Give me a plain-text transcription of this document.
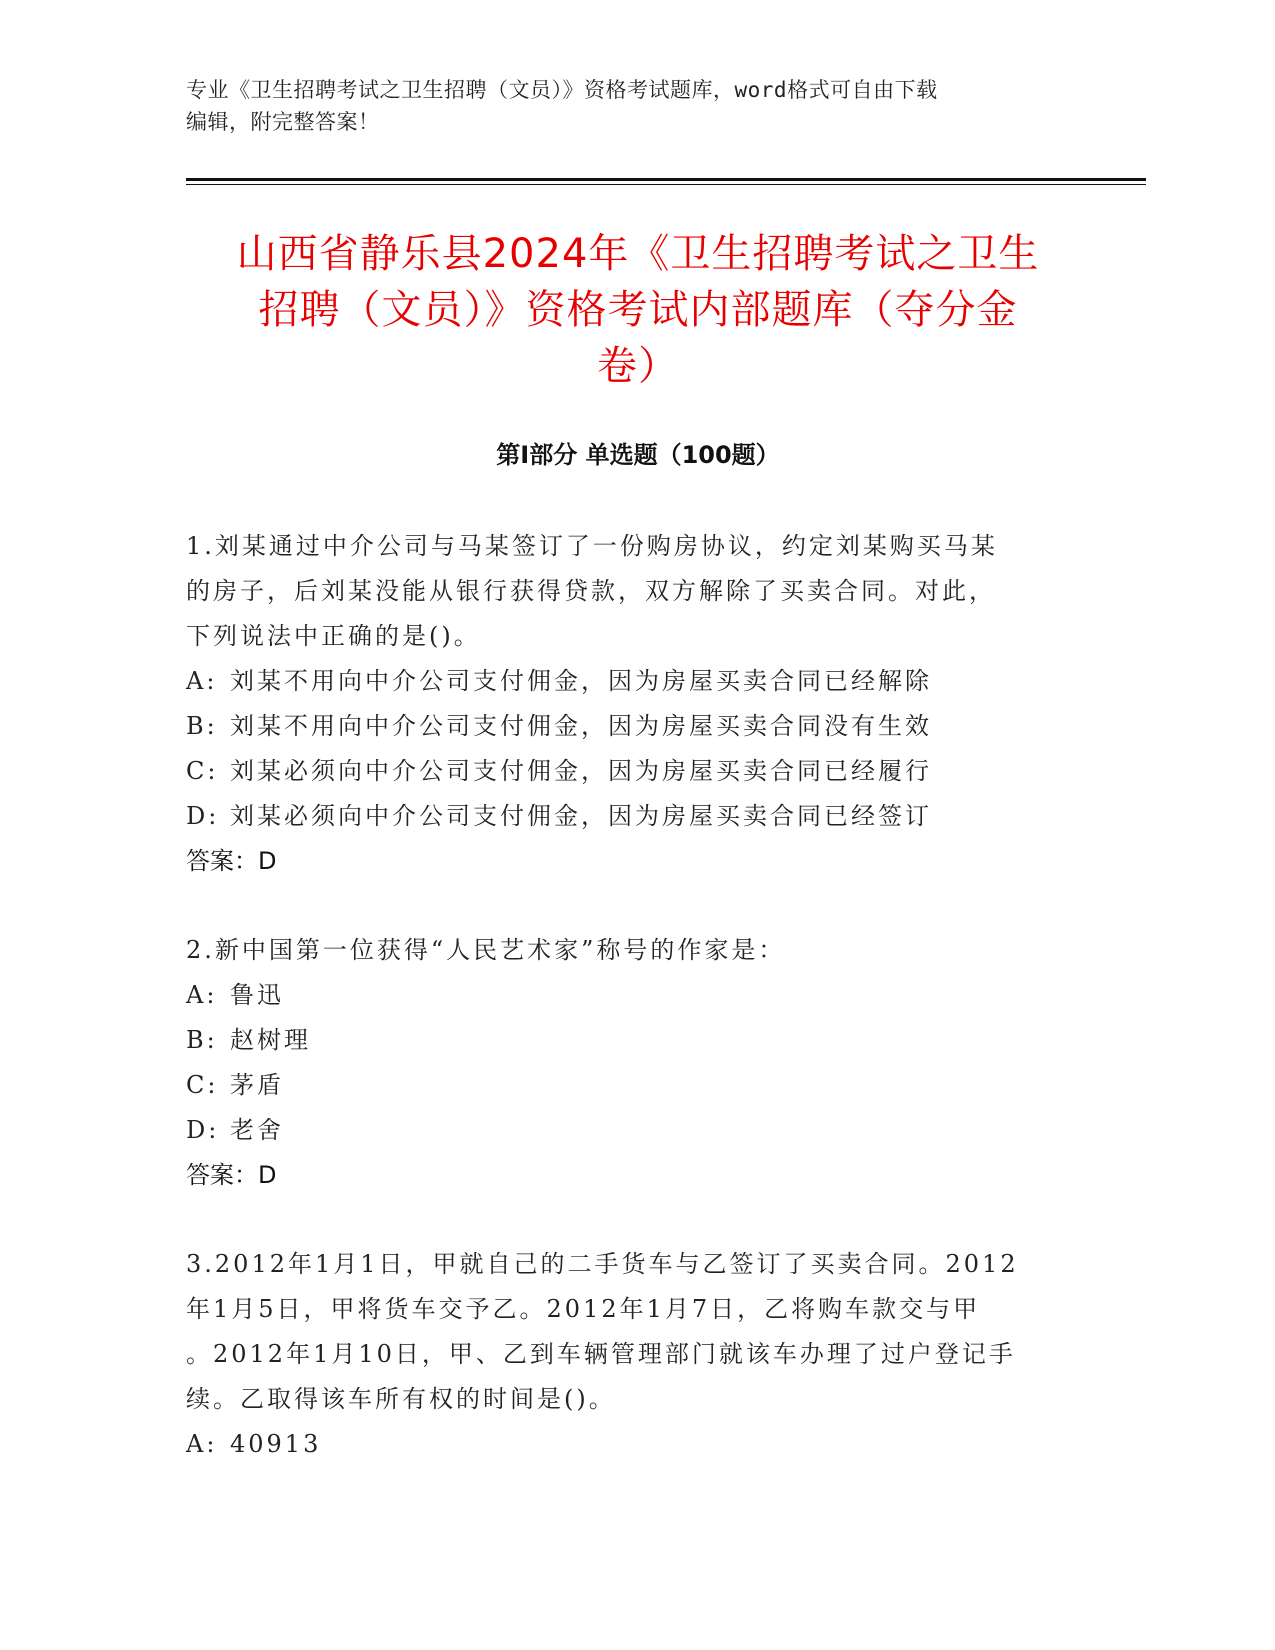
专业《卫生招聘考试之卫生招聘（文员）》资格考试题库，word格式可自由下载
编辑，附完整答案！
山西省静乐县2024年《卫生招聘考试之卫生
招聘（文员）》资格考试内部题库（夺分金
卷）
第Ⅰ部分 单选题（100题）
1.刘某通过中介公司与马某签订了一份购房协议，约定刘某购买马某
的房子，后刘某没能从银行获得贷款，双方解除了买卖合同。对此，
下列说法中正确的是()。
A: 刘某不用向中介公司支付佣金，因为房屋买卖合同已经解除
B: 刘某不用向中介公司支付佣金，因为房屋买卖合同没有生效
C: 刘某必须向中介公司支付佣金，因为房屋买卖合同已经履行
D: 刘某必须向中介公司支付佣金，因为房屋买卖合同已经签订
答案：D
2.新中国第一位获得“人民艺术家”称号的作家是：
A: 鲁迅
B: 赵树理
C: 茅盾
D: 老舍
答案：D
3.2012年1月1日，甲就自己的二手货车与乙签订了买卖合同。2012
年1月5日，甲将货车交予乙。2012年1月7日，乙将购车款交与甲
。2012年1月10日，甲、乙到车辆管理部门就该车办理了过户登记手
续。乙取得该车所有权的时间是()。
A: 40913
